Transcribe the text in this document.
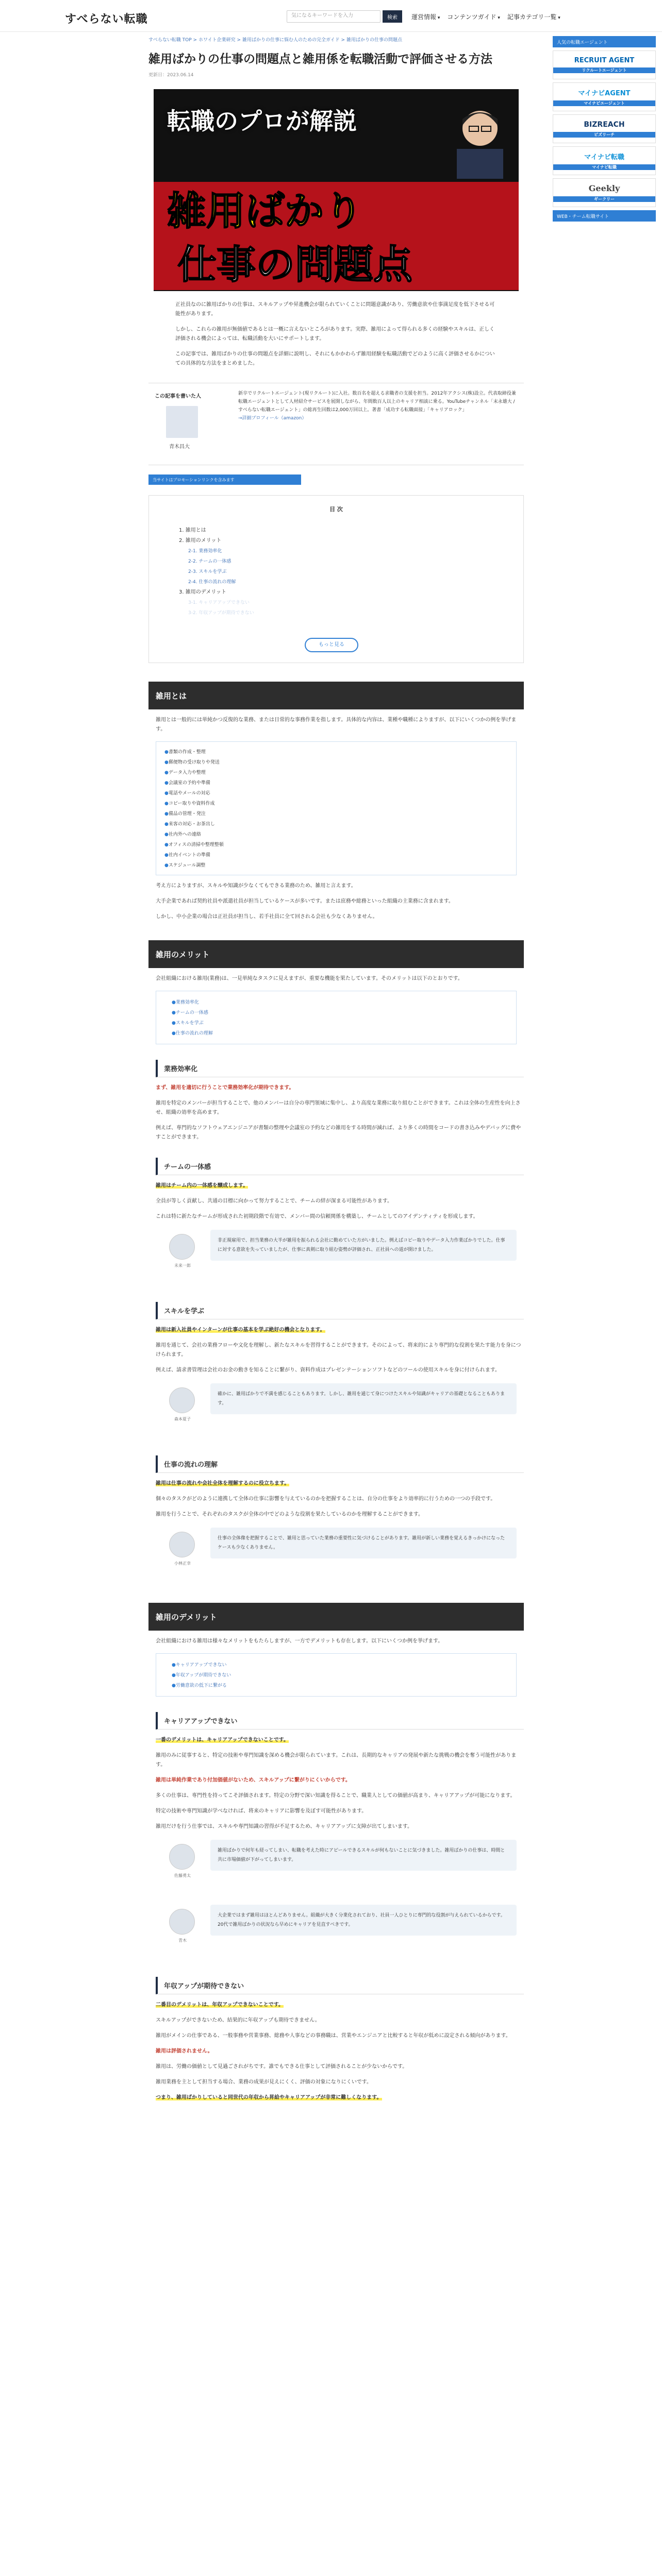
すべらない転職	気になるキーワードを入力	検索	運営情報 ▾	コンテンツガイド ▾	記事カテゴリ一覧 ▾
すべらない転職 TOP > ホワイト企業研究 > 雑用ばかりの仕事に悩む人のための完全ガイド > 雑用ばかりの仕事の問題点
雑用ばかりの仕事の問題点と雑用係を転職活動で評価させる方法
更新日：2023.06.14
転職のプロが解説
雑用ばかり
仕事の問題点

正社員なのに雑用ばかりの仕事は、スキルアップや昇進機会が限られていくことに問題意識があり、労働意欲や仕事満足度を低下させる可能性があります。

しかし、これらの雑用が無価値であるとは一概に言えないところがあります。実際、雑用によって得られる多くの経験やスキルは、正しく評価される機会によっては、転職活動を大いにサポートします。

この記事では、雑用ばかりの仕事の問題点を詳細に説明し、それにもかかわらず雑用経験を転職活動でどのように高く評価させるかについての具体的な方法をまとめました。

この記事を書いた人
青木昌大
新卒でリクルートエージェント(現リクルート)に入社。数百名を超える求職者の支援を担当。2012年アクシス(株)設立。代表取締役兼転職エージェントとして人材紹介サービスを展開しながら、年間数百人以上のキャリア相談に乗る。YouTubeチャンネル「末永雄大 / すべらない転職エージェント」の総再生回数は2,000万回以上。著書「成功する転職面接」「キャリアロック」
→詳細プロフィール（amazon）
当サイトはプロモーションリンクを含みます
目 次
1. 雑用とは
2. 雑用のメリット
2-1. 業務効率化
2-2. チームの一体感
2-3. スキルを学ぶ
2-4. 仕事の流れの理解
3. 雑用のデメリット
3-1. キャリアアップできない
3-2. 年収アップが期待できない
もっと見る
雑用とは
雑用とは一般的には単純かつ反復的な業務、または日常的な事務作業を指します。具体的な内容は、業種や職種によりますが、以下にいくつかの例を挙げます。
● 書類の作成・整理
● 郵便物の受け取りや発送
● データ入力や整理
● 会議室の予約や準備
● 電話やメールの対応
● コピー取りや資料作成
● 備品の管理・発注
● 来客の対応・お茶出し
● 社内外への連絡
● オフィスの清掃や整理整頓
● 社内イベントの準備
● スケジュール調整
考え方によりますが、スキルや知識が少なくてもできる業務のため、雑用と言えます。
大手企業であれば契約社員や派遣社員が担当しているケースが多いです。または庶務や総務といった組織の主業務に含まれます。
しかし、中小企業の場合は正社員が担当し、若手社員に全て回される会社も少なくありません。
雑用のメリット
会社組織における雑用(業務)は、一見単純なタスクに見えますが、重要な機能を果たしています。そのメリットは以下のとおりです。
● 業務効率化
● チームの一体感
● スキルを学ぶ
● 仕事の流れの理解
業務効率化
まず、雑用を適切に行うことで業務効率化が期待できます。
雑用を特定のメンバーが担当することで、他のメンバーは自分の専門領域に集中し、より高度な業務に取り組むことができます。これは全体の生産性を向上させ、組織の効率を高めます。
例えば、専門的なソフトウェアエンジニアが書類の整理や会議室の予約などの雑用をする時間が減れば、より多くの時間をコードの書き込みやデバッグに費やすことができます。
チームの一体感
雑用はチーム内の一体感を醸成します。
全員が等しく貢献し、共通の目標に向かって努力することで、チームの絆が深まる可能性があります。
これは特に新たなチームが形成された初期段階で有効で、メンバー間の信頼関係を構築し、チームとしてのアイデンティティを形成します。
未来一郎
非正規雇用で、担当業務の大半が雑用を振られる会社に勤めていた方がいました。例えばコピー取りやデータ入力作業ばかりでした。仕事に対する意欲を失っていましたが、仕事に真剣に取り組む姿勢が評価され、正社員への道が開けました。
スキルを学ぶ
雑用は新入社員やインターンが仕事の基本を学ぶ絶好の機会となります。
雑用を通じて、会社の業務フローや文化を理解し、新たなスキルを習得することができます。そのによって、将来的により専門的な役割を果たす能力を身につけられます。
例えば、請求書管理は会社のお金の動きを知ることに繋がり、資料作成はプレゼンテーションソフトなどのツールの使用スキルを身に付けられます。
森本夏子
確かに、雑用ばかりで不満を感じることもあります。しかし、雑用を通じて身につけたスキルや知識がキャリアの基礎となることもあります。
仕事の流れの理解
雑用は仕事の流れや会社全体を理解するのに役立ちます。
個々のタスクがどのように連携して全体の仕事に影響を与えているのかを把握することは、自分の仕事をより効率的に行うための一つの手段です。
雑用を行うことで、それぞれのタスクが全体の中でどのような役割を果たしているのかを理解することができます。
小林正幸
仕事の全体像を把握することで、雑用と思っていた業務の重要性に気づけることがあります。雑用が新しい業務を覚えるきっかけになったケースも少なくありません。
雑用のデメリット
会社組織における雑用は様々なメリットをもたらしますが、一方でデメリットも存在します。以下にいくつか例を挙げます。
● キャリアアップできない
● 年収アップが期待できない
● 労働意欲の低下に繋がる
キャリアアップできない
一番のデメリットは、キャリアアップできないことです。
雑用のみに従事すると、特定の技術や専門知識を深める機会が限られています。これは、長期的なキャリアの発展や新たな挑戦の機会を奪う可能性があります。
雑用は単純作業であり付加価値がないため、スキルアップに繋がりにくいからです。
多くの仕事は、専門性を持ってこそ評価されます。特定の分野で深い知識を得ることで、職業人としての価値が高まり、キャリアアップが可能になります。
特定の技術や専門知識が学べなければ、将来のキャリアに影響を及ぼす可能性があります。
雑用だけを行う仕事では、スキルや専門知識の習得が不足するため、キャリアアップに支障が出てしまいます。
佐藤勇太
雑用ばかりで何年も経ってしまい、転職を考えた時にアピールできるスキルが何もないことに気づきました。雑用ばかりの仕事は、時間と共に市場価値が下がってしまいます。
青木
大企業ではまず雑用はほとんどありません。組織が大きく分業化されており、社員一人ひとりに専門的な役割が与えられているからです。20代で雑用ばかりの状況なら早めにキャリアを見直すべきです。
年収アップが期待できない
二番目のデメリットは、年収アップできないことです。
スキルアップができないため、結果的に年収アップも期待できません。
雑用がメインの仕事である、一般事務や営業事務、総務や人事などの事務職は、営業やエンジニアと比較すると年収が低めに設定される傾向があります。
雑用は評価されません。
雑用は、労働の価値として見過ごされがちです。誰でもできる仕事として評価されることが少ないからです。
雑用業務を主として担当する場合、業務の成果が見えにくく、評価の対象になりにくいです。
つまり、雑用ばかりしていると同世代の年収から昇給やキャリアアップが非常に難しくなります。
人気の転職エージェント
RECRUIT AGENT
リクルートエージェント
マイナビAGENT
マイナビエージェント
BIZREACH
ビズリーチ
マイナビ転職
マイナビ転職
Geekly
ギークリー
WEB・チーム転職サイト
